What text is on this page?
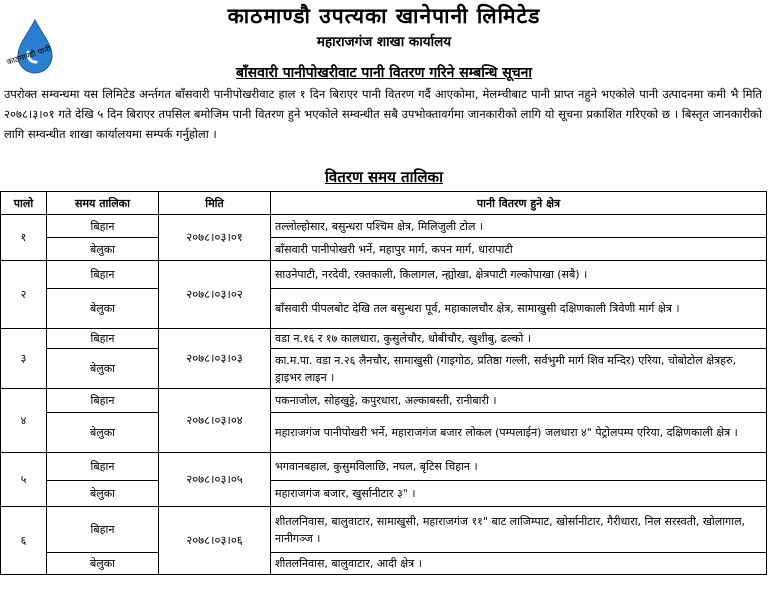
काठमाण्डौ पानी
काठमाण्डौ उपत्यका खानेपानी लिमिटेड
महाराजगंज शाखा कार्यालय
बाँसवारी पानीपोखरीवाट पानी वितरण गरिने सम्बन्धि सूचना
उपरोक्त सम्वन्धमा यस लिमिटेड अर्न्तगत बाँसवारी पानीपोखरीवाट हाल १ दिन बिराएर पानी वितरण गर्दै आएकोमा, मेलम्चीबाट पानी प्राप्त नहुने भएकोले पानी उत्पादनमा कमी भै मिति २०७८।३।०१ गते देखि ५ दिन बिराएर तपसिल बमोजिम पानी वितरण हुने भएकोले सम्वन्धीत सबै उपभोक्तावर्गमा जानकारीको लागि यो सूचना प्रकाशित गरिएको छ । बिस्तृत जानकारीको लागि सम्वन्धीत शाखा कार्यालयमा सम्पर्क गर्नुहोला ।
वितरण समय तालिका
पालो	समय तालिका	मिति	पानी वितरण हुने क्षेत्र
१	बिहान	२०७८।०३।०१	तल्लोल्होसार, बसुन्धरा पश्चिम क्षेत्र, मिलिजुली टोल ।
	बेलुका		बाँसवारी पानीपोखरी भर्ने, महापुर मार्ग, कपन मार्ग, धारापाटी
२	बिहान	२०७८।०३।०२	साउनेपाटी, नरदेवी, रक्तकाली, किलागल, न्ह्योखा, क्षेत्रपाटी गल्कोपाखा (सबै) ।
	बेलुका		बाँसवारी पीपलबोट देखि तल बसुन्धरा पूर्व, महाकालचौर क्षेत्र, सामाखुसी दक्षिणकाली त्रिवेणी मार्ग क्षेत्र ।
३	बिहान	२०७८।०३।०३	वडा न.१६ र १७ कालधारा, कुसुलेचौर, धोबीचौर, खुशीबु, ढल्को ।
	बेलुका		का.म.पा. वडा न.२६ लैनचौर, सामाखुसी (गाइगोठ, प्रतिष्ठा गल्ली, सर्वभुमी मार्ग शिव मन्दिर) एरिया, चोबोटोल क्षेत्रहरु, ड्राइभर लाइन ।
४	बिहान	२०७८।०३।०४	पकनाजोल, सोहखुट्टे, कपुरधारा, अल्काबस्ती, रानीबारी ।
	बेलुका		महाराजगंज पानीपोखरी भर्ने, महाराजगंज बजार लोकल (पम्पलाईन) जलधारा ४" पेट्रोलपम्प एरिया, दक्षिणकाली क्षेत्र ।
५	बिहान	२०७८।०३।०५	भगवानबहाल, कुसुमविलाछि, नघल, बृटिस चिहान ।
	बेलुका		महाराजगंज बजार, खुर्सानीटार ३" ।
६	बिहान	२०७८।०३।०६	शीतलनिवास, बालुवाटार, सामाखुसी, महाराजगंज ११" बाट लाजिम्पाट, खोर्सानीटार, गैरीधारा, निल सरस्वती, खोलागाल, नानीगञ्ज ।
	बेलुका		शीतलनिवास, बालुवाटार, आदी क्षेत्र ।
